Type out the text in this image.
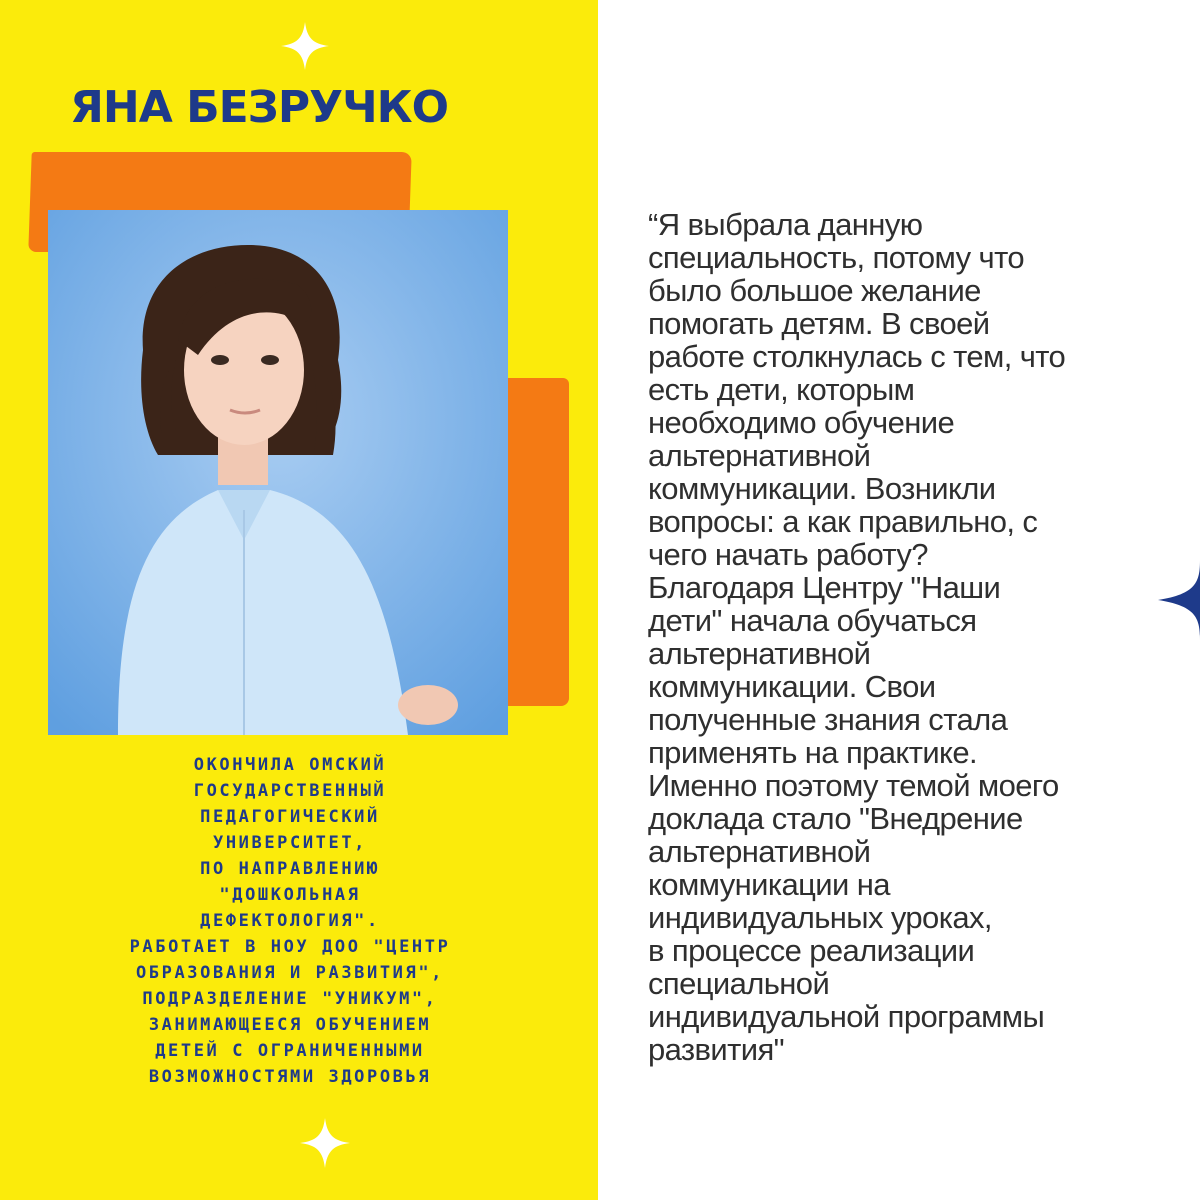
ЯНА БЕЗРУЧКО
ОКОНЧИЛА ОМСКИЙ
ГОСУДАРСТВЕННЫЙ
ПЕДАГОГИЧЕСКИЙ
УНИВЕРСИТЕТ,
ПО НАПРАВЛЕНИЮ
"ДОШКОЛЬНАЯ
ДЕФЕКТОЛОГИЯ".
РАБОТАЕТ В НОУ ДОО "ЦЕНТР
ОБРАЗОВАНИЯ И РАЗВИТИЯ",
ПОДРАЗДЕЛЕНИЕ "УНИКУМ",
ЗАНИМАЮЩЕЕСЯ ОБУЧЕНИЕМ
ДЕТЕЙ С ОГРАНИЧЕННЫМИ
ВОЗМОЖНОСТЯМИ ЗДОРОВЬЯ
“Я выбрала данную
специальность, потому что
было большое желание
помогать детям. В своей
работе столкнулась с тем, что
есть дети, которым
необходимо обучение
альтернативной
коммуникации. Возникли
вопросы: а как правильно, с
чего начать работу?
Благодаря Центру "Наши
дети" начала обучаться
альтернативной
коммуникации. Свои
полученные знания стала
применять на практике.
Именно поэтому темой моего
доклада стало "Внедрение
альтернативной
коммуникации на
индивидуальных уроках,
в процессе реализации
специальной
индивидуальной программы
развития"
